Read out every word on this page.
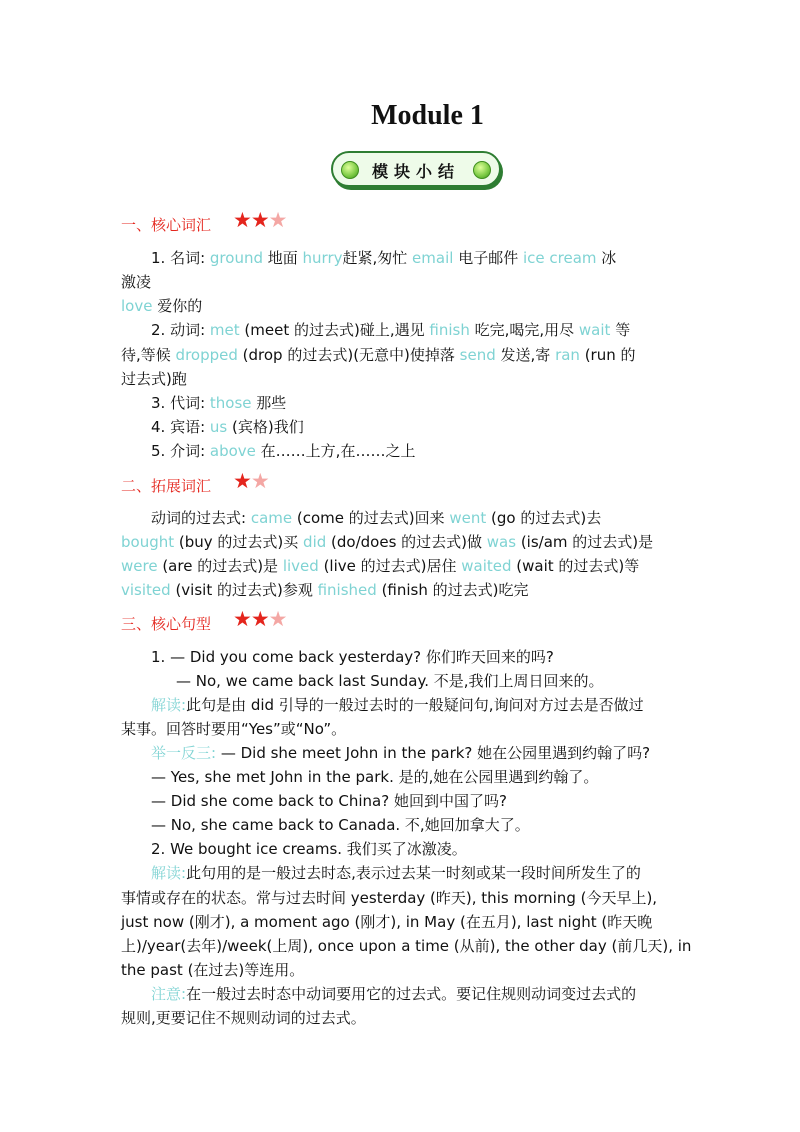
Module 1
模块小结
一、核心词汇 ★★★
1. 名词: ground 地面 hurry赶紧,匆忙 email 电子邮件 ice cream 冰
激凌
love 爱你的
2. 动词: met (meet 的过去式)碰上,遇见 finish 吃完,喝完,用尽 wait 等
待,等候 dropped (drop 的过去式)(无意中)使掉落 send 发送,寄 ran (run 的
过去式)跑
3. 代词: those 那些
4. 宾语: us (宾格)我们
5. 介词: above 在……上方,在……之上
二、拓展词汇 ★★
动词的过去式: came (come 的过去式)回来 went (go 的过去式)去
bought (buy 的过去式)买 did (do/does 的过去式)做 was (is/am 的过去式)是
were (are 的过去式)是 lived (live 的过去式)居住 waited (wait 的过去式)等
visited (visit 的过去式)参观 finished (finish 的过去式)吃完
三、核心句型 ★★★
1. — Did you come back yesterday? 你们昨天回来的吗?
— No, we came back last Sunday. 不是,我们上周日回来的。
解读:此句是由 did 引导的一般过去时的一般疑问句,询问对方过去是否做过
某事。回答时要用“Yes”或“No”。
举一反三: — Did she meet John in the park? 她在公园里遇到约翰了吗?
— Yes, she met John in the park. 是的,她在公园里遇到约翰了。
— Did she come back to China? 她回到中国了吗?
— No, she came back to Canada. 不,她回加拿大了。
2. We bought ice creams. 我们买了冰激凌。
解读:此句用的是一般过去时态,表示过去某一时刻或某一段时间所发生了的
事情或存在的状态。常与过去时间 yesterday (昨天), this morning (今天早上),
just now (刚才), a moment ago (刚才), in May (在五月), last night (昨天晚
上)/year(去年)/week(上周), once upon a time (从前), the other day (前几天), in
the past (在过去)等连用。
注意:在一般过去时态中动词要用它的过去式。要记住规则动词变过去式的
规则,更要记住不规则动词的过去式。
